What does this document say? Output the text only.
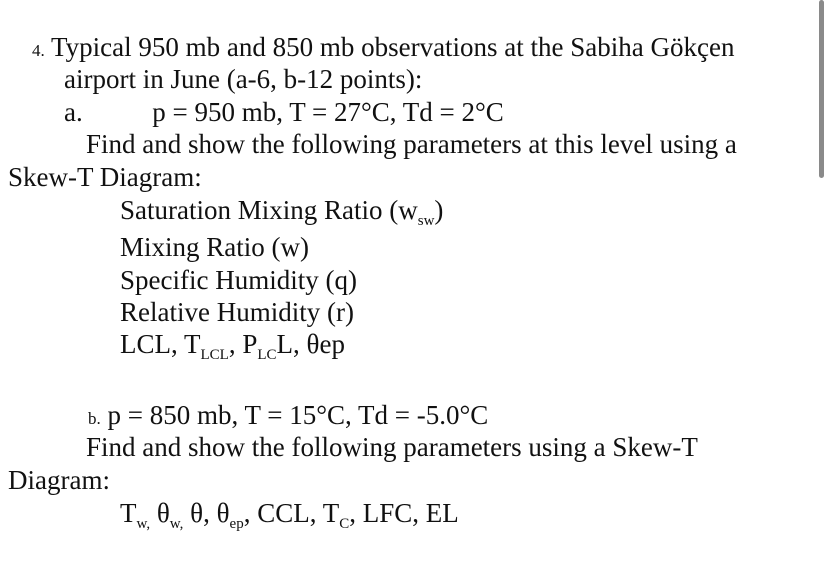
4. Typical 950 mb and 850 mb observations at the Sabiha Gökçen
airport in June (a-6, b-12 points):
a.	p = 950 mb, T = 27°C, Td = 2°C
Find and show the following parameters at this level using a
Skew-T Diagram:
Saturation Mixing Ratio $(w_{sw})$
Mixing Ratio (w)
Specific Humidity (q)
Relative Humidity (r)
LCL, $T_{LCL}$, $P_{LC}L$, θep
b. p = 850 mb, T = 15°C, Td = -5.0°C
Find and show the following parameters using a Skew-T
Diagram:
$T_{w,}$ $\theta_{w,}$ θ, $\theta_{ep}$, CCL, $T_C$, LFC, EL
